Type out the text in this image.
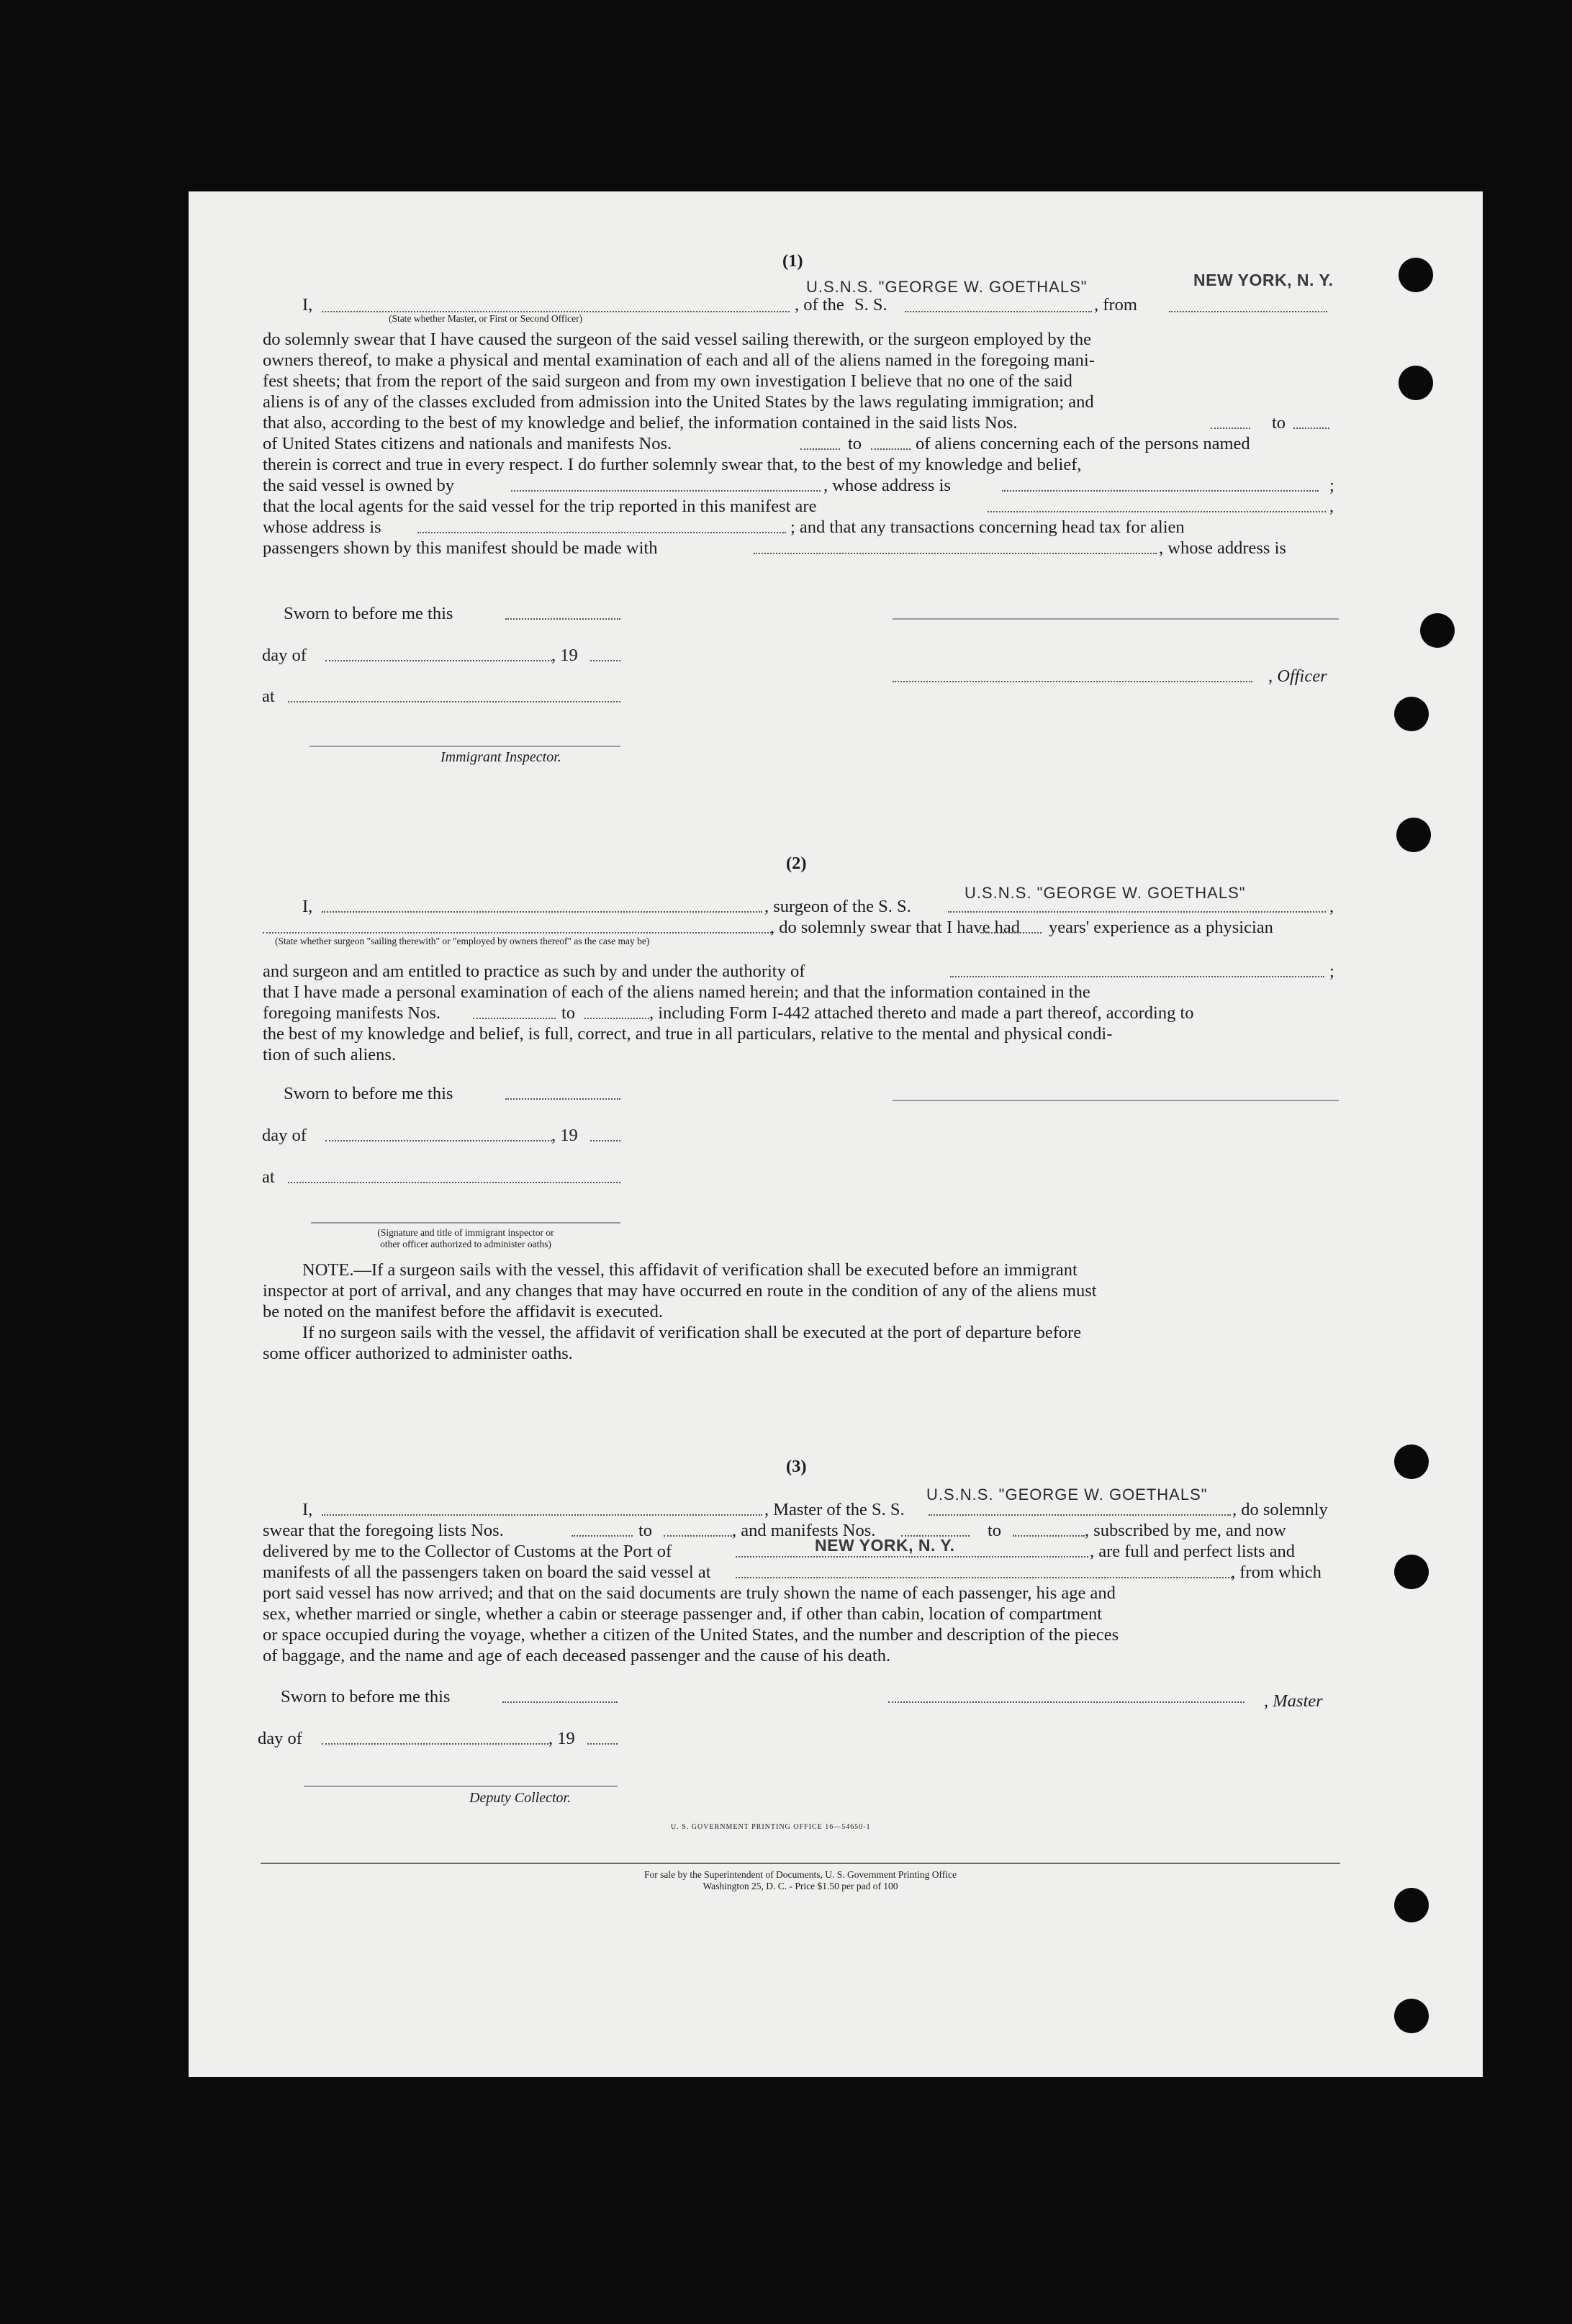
(1)
I,	, of the S. S.
U.S.N.S. "GEORGE W. GOETHALS"
, from
NEW YORK, N. Y.
(State whether Master, or First or Second Officer)
do solemnly swear that I have caused the surgeon of the said vessel sailing therewith, or the surgeon employed by the
owners thereof, to make a physical and mental examination of each and all of the aliens named in the foregoing mani-
fest sheets; that from the report of the said surgeon and from my own investigation I believe that no one of the said
aliens is of any of the classes excluded from admission into the United States by the laws regulating immigration; and
that also, according to the best of my knowledge and belief, the information contained in the said lists Nos.	to
of United States citizens and nationals and manifests Nos.	to	of aliens concerning each of the persons named
therein is correct and true in every respect. I do further solemnly swear that, to the best of my knowledge and belief,
the said vessel is owned by	, whose address is	;
that the local agents for the said vessel for the trip reported in this manifest are	,
whose address is	; and that any transactions concerning head tax for alien
passengers shown by this manifest should be made with	, whose address is
Sworn to before me this
day of	, 19
at
, Officer
Immigrant Inspector.
(2)
I,	, surgeon of the S. S.
U.S.N.S. "GEORGE W. GOETHALS"
,
, do solemnly swear that I have had years' experience as a physician
(State whether surgeon "sailing therewith" or "employed by owners thereof" as the case may be)
and surgeon and am entitled to practice as such by and under the authority of	;
that I have made a personal examination of each of the aliens named herein; and that the information contained in the
foregoing manifests Nos.	to	, including Form I-442 attached thereto and made a part thereof, according to
the best of my knowledge and belief, is full, correct, and true in all particulars, relative to the mental and physical condi-
tion of such aliens.
Sworn to before me this
day of	, 19
at
(Signature and title of immigrant inspector or
other officer authorized to administer oaths)
NOTE.—If a surgeon sails with the vessel, this affidavit of verification shall be executed before an immigrant
inspector at port of arrival, and any changes that may have occurred en route in the condition of any of the aliens must
be noted on the manifest before the affidavit is executed.
If no surgeon sails with the vessel, the affidavit of verification shall be executed at the port of departure before
some officer authorized to administer oaths.
(3)
I,	, Master of the S. S.
U.S.N.S. "GEORGE W. GOETHALS"
, do solemnly
swear that the foregoing lists Nos.	to	, and manifests Nos.	to	, subscribed by me, and now
delivered by me to the Collector of Customs at the Port of	NEW YORK, N. Y.	, are full and perfect lists and
manifests of all the passengers taken on board the said vessel at	, from which
port said vessel has now arrived; and that on the said documents are truly shown the name of each passenger, his age and
sex, whether married or single, whether a cabin or steerage passenger and, if other than cabin, location of compartment
or space occupied during the voyage, whether a citizen of the United States, and the number and description of the pieces
of baggage, and the name and age of each deceased passenger and the cause of his death.
Sworn to before me this	, Master
day of	, 19
Deputy Collector.
U. S. GOVERNMENT PRINTING OFFICE 16—54650-1
For sale by the Superintendent of Documents, U. S. Government Printing Office
Washington 25, D. C. - Price $1.50 per pad of 100
